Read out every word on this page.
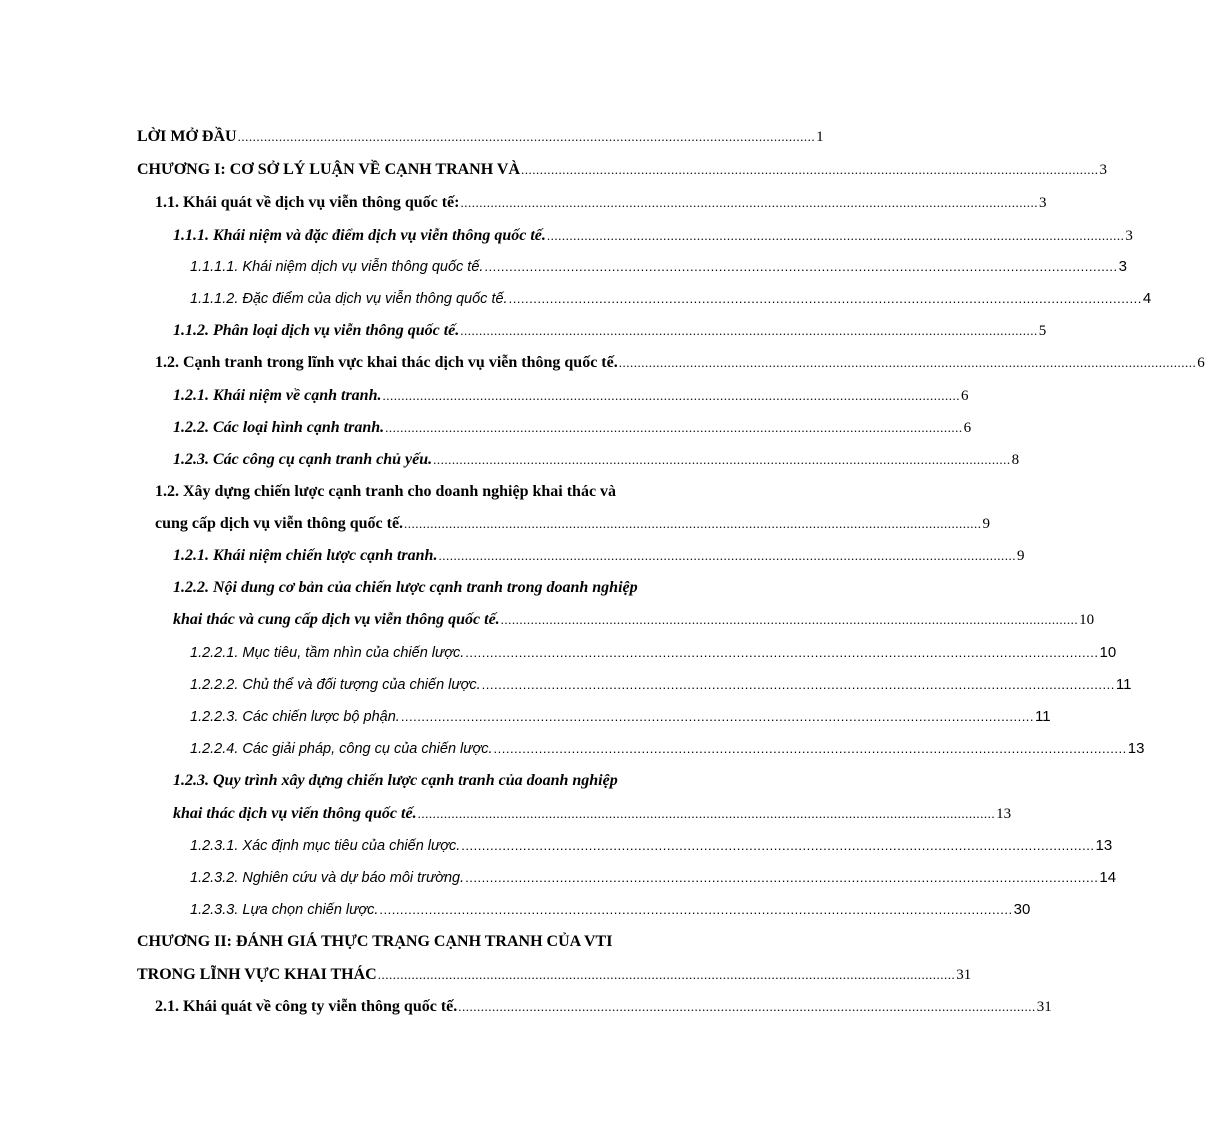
LỜI MỞ ĐẦU .......................................................................................................................................................... 1
CHƯƠNG I: CƠ SỞ LÝ LUẬN VỀ CẠNH TRANH VÀ .......................................................................................................................................................... 3
1.1. Khái quát về dịch vụ viễn thông quốc tế: .......................................................................................................................................................... 3
1.1.1. Khái niệm và đặc điểm dịch vụ viễn thông quốc tế. .......................................................................................................................................................... 3
1.1.1.1. Khái niệm dịch vụ viễn thông quốc tế. .......................................................................................................................................................... 3
1.1.1.2. Đặc điểm của dịch vụ viễn thông quốc tế. .......................................................................................................................................................... 4
1.1.2. Phân loại dịch vụ viễn thông quốc tế. .......................................................................................................................................................... 5
1.2. Cạnh tranh trong lĩnh vực khai thác dịch vụ viễn thông quốc tế. .......................................................................................................................................................... 6
1.2.1. Khái niệm về cạnh tranh. .......................................................................................................................................................... 6
1.2.2. Các loại hình cạnh tranh. .......................................................................................................................................................... 6
1.2.3. Các công cụ cạnh tranh chủ yếu. .......................................................................................................................................................... 8
1.2. Xây dựng chiến lược cạnh tranh cho doanh nghiệp khai thác và
cung cấp dịch vụ viễn thông quốc tế. .......................................................................................................................................................... 9
1.2.1. Khái niệm chiến lược cạnh tranh. .......................................................................................................................................................... 9
1.2.2. Nội dung cơ bản của chiến lược cạnh tranh trong doanh nghiệp
khai thác và cung cấp dịch vụ viễn thông quốc tế. .......................................................................................................................................................... 10
1.2.2.1. Mục tiêu, tầm nhìn của chiến lược. .......................................................................................................................................................... 10
1.2.2.2. Chủ thể và đối tượng của chiến lược. .......................................................................................................................................................... 11
1.2.2.3. Các chiến lược bộ phận. .......................................................................................................................................................... 11
1.2.2.4. Các giải pháp, công cụ của chiến lược. .......................................................................................................................................................... 13
1.2.3. Quy trình xây dựng chiến lược cạnh tranh của doanh nghiệp
khai thác dịch vụ viến thông quốc tế. .......................................................................................................................................................... 13
1.2.3.1. Xác định mục tiêu của chiến lược. .......................................................................................................................................................... 13
1.2.3.2. Nghiên cứu và dự báo môi trường. .......................................................................................................................................................... 14
1.2.3.3. Lựa chọn chiến lược. .......................................................................................................................................................... 30
CHƯƠNG II: ĐÁNH GIÁ THỰC TRẠNG CẠNH TRANH CỦA VTI
TRONG LĨNH VỰC KHAI THÁC .......................................................................................................................................................... 31
2.1. Khái quát về công ty viễn thông quốc tế. .......................................................................................................................................................... 31
